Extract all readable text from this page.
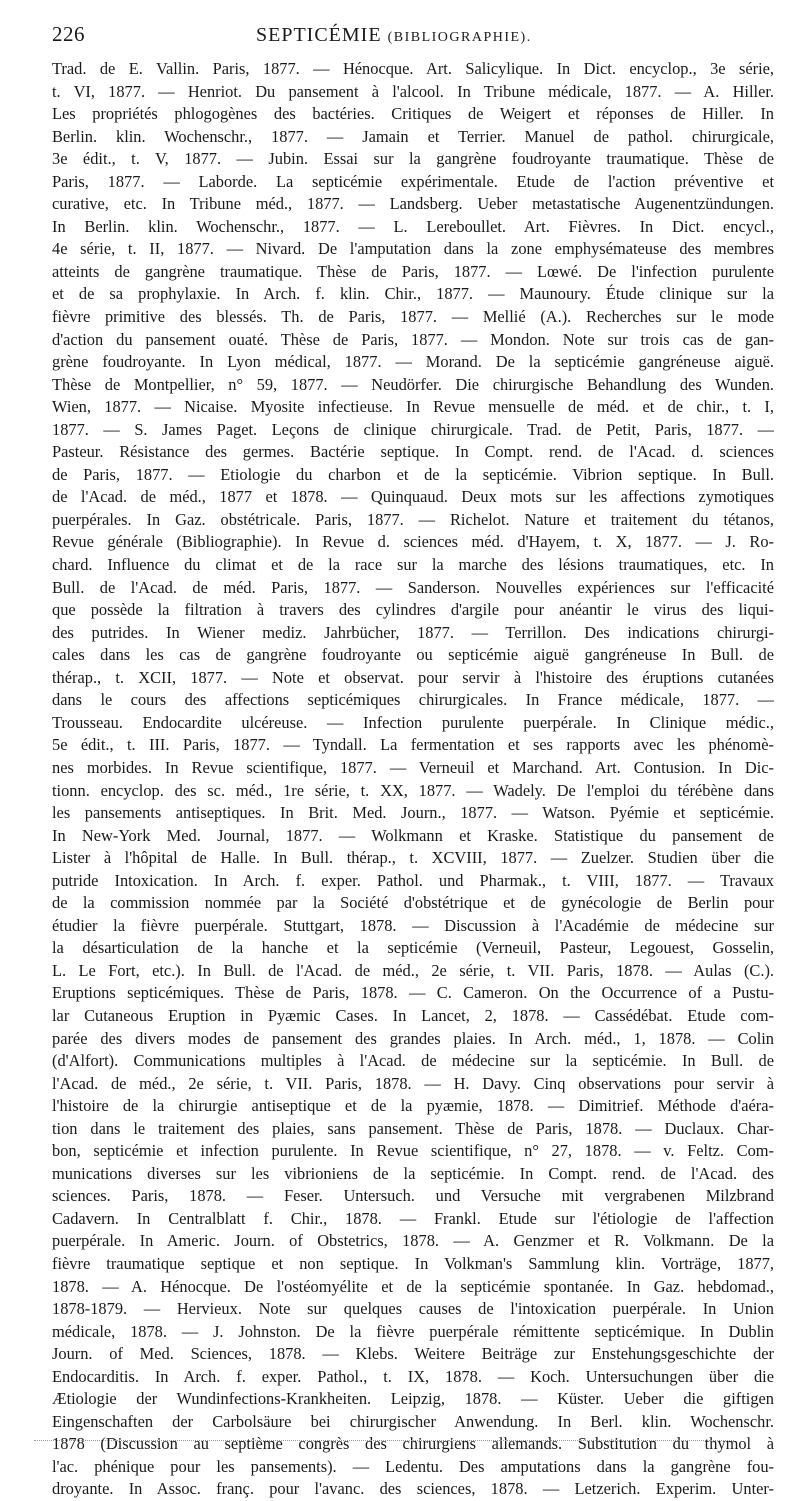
226	SEPTICÉMIE (BIBLIOGRAPHIE).
Trad. de E. Vallin. Paris, 1877. — Hénocque. Art. Salicylique. In Dict. encyclop., 3e série,
t. VI, 1877. — Henriot. Du pansement à l'alcool. In Tribune médicale, 1877. — A. Hiller.
Les propriétés phlogogènes des bactéries. Critiques de Weigert et réponses de Hiller. In
Berlin. klin. Wochenschr., 1877. — Jamain et Terrier. Manuel de pathol. chirurgicale,
3e édit., t. V, 1877. — Jubin. Essai sur la gangrène foudroyante traumatique. Thèse de
Paris, 1877. — Laborde. La septicémie expérimentale. Etude de l'action préventive et
curative, etc. In Tribune méd., 1877. — Landsberg. Ueber metastatische Augenentzündungen.
In Berlin. klin. Wochenschr., 1877. — L. Lereboullet. Art. Fièvres. In Dict. encycl.,
4e série, t. II, 1877. — Nivard. De l'amputation dans la zone emphysémateuse des membres
atteints de gangrène traumatique. Thèse de Paris, 1877. — Lœwé. De l'infection purulente
et de sa prophylaxie. In Arch. f. klin. Chir., 1877. — Maunoury. Étude clinique sur la
fièvre primitive des blessés. Th. de Paris, 1877. — Mellié (A.). Recherches sur le mode
d'action du pansement ouaté. Thèse de Paris, 1877. — Mondon. Note sur trois cas de gan-
grène foudroyante. In Lyon médical, 1877. — Morand. De la septicémie gangréneuse aiguë.
Thèse de Montpellier, n° 59, 1877. — Neudörfer. Die chirurgische Behandlung des Wunden.
Wien, 1877. — Nicaise. Myosite infectieuse. In Revue mensuelle de méd. et de chir., t. I,
1877. — S. James Paget. Leçons de clinique chirurgicale. Trad. de Petit, Paris, 1877. —
Pasteur. Résistance des germes. Bactérie septique. In Compt. rend. de l'Acad. d. sciences
de Paris, 1877. — Etiologie du charbon et de la septicémie. Vibrion septique. In Bull.
de l'Acad. de méd., 1877 et 1878. — Quinquaud. Deux mots sur les affections zymotiques
puerpérales. In Gaz. obstétricale. Paris, 1877. — Richelot. Nature et traitement du tétanos,
Revue générale (Bibliographie). In Revue d. sciences méd. d'Hayem, t. X, 1877. — J. Ro-
chard. Influence du climat et de la race sur la marche des lésions traumatiques, etc. In
Bull. de l'Acad. de méd. Paris, 1877. — Sanderson. Nouvelles expériences sur l'efficacité
que possède la filtration à travers des cylindres d'argile pour anéantir le virus des liqui-
des putrides. In Wiener mediz. Jahrbücher, 1877. — Terrillon. Des indications chirurgi-
cales dans les cas de gangrène foudroyante ou septicémie aiguë gangréneuse In Bull. de
thérap., t. XCII, 1877. — Note et observat. pour servir à l'histoire des éruptions cutanées
dans le cours des affections septicémiques chirurgicales. In France médicale, 1877. —
Trousseau. Endocardite ulcéreuse. — Infection purulente puerpérale. In Clinique médic.,
5e édit., t. III. Paris, 1877. — Tyndall. La fermentation et ses rapports avec les phénomè-
nes morbides. In Revue scientifique, 1877. — Verneuil et Marchand. Art. Contusion. In Dic-
tionn. encyclop. des sc. méd., 1re série, t. XX, 1877. — Wadely. De l'emploi du térébène dans
les pansements antiseptiques. In Brit. Med. Journ., 1877. — Watson. Pyémie et septicémie.
In New-York Med. Journal, 1877. — Wolkmann et Kraske. Statistique du pansement de
Lister à l'hôpital de Halle. In Bull. thérap., t. XCVIII, 1877. — Zuelzer. Studien über die
putride Intoxication. In Arch. f. exper. Pathol. und Pharmak., t. VIII, 1877. — Travaux
de la commission nommée par la Société d'obstétrique et de gynécologie de Berlin pour
étudier la fièvre puerpérale. Stuttgart, 1878. — Discussion à l'Académie de médecine sur
la désarticulation de la hanche et la septicémie (Verneuil, Pasteur, Legouest, Gosselin,
L. Le Fort, etc.). In Bull. de l'Acad. de méd., 2e série, t. VII. Paris, 1878. — Aulas (C.).
Eruptions septicémiques. Thèse de Paris, 1878. — C. Cameron. On the Occurrence of a Pustu-
lar Cutaneous Eruption in Pyæmic Cases. In Lancet, 2, 1878. — Cassédébat. Etude com-
parée des divers modes de pansement des grandes plaies. In Arch. méd., 1, 1878. — Colin
(d'Alfort). Communications multiples à l'Acad. de médecine sur la septicémie. In Bull. de
l'Acad. de méd., 2e série, t. VII. Paris, 1878. — H. Davy. Cinq observations pour servir à
l'histoire de la chirurgie antiseptique et de la pyæmie, 1878. — Dimitrief. Méthode d'aéra-
tion dans le traitement des plaies, sans pansement. Thèse de Paris, 1878. — Duclaux. Char-
bon, septicémie et infection purulente. In Revue scientifique, n° 27, 1878. — v. Feltz. Com-
munications diverses sur les vibrioniens de la septicémie. In Compt. rend. de l'Acad. des
sciences. Paris, 1878. — Feser. Untersuch. und Versuche mit vergrabenen Milzbrand
Cadavern. In Centralblatt f. Chir., 1878. — Frankl. Etude sur l'étiologie de l'affection
puerpérale. In Americ. Journ. of Obstetrics, 1878. — A. Genzmer et R. Volkmann. De la
fièvre traumatique septique et non septique. In Volkman's Sammlung klin. Vorträge, 1877,
1878. — A. Hénocque. De l'ostéomyélite et de la septicémie spontanée. In Gaz. hebdomad.,
1878-1879. — Hervieux. Note sur quelques causes de l'intoxication puerpérale. In Union
médicale, 1878. — J. Johnston. De la fièvre puerpérale rémittente septicémique. In Dublin
Journ. of Med. Sciences, 1878. — Klebs. Weitere Beiträge zur Enstehungsgeschichte der
Endocarditis. In Arch. f. exper. Pathol., t. IX, 1878. — Koch. Untersuchungen über die
Ætiologie der Wundinfections-Krankheiten. Leipzig, 1878. — Küster. Ueber die giftigen
Eingenschaften der Carbolsäure bei chirurgischer Anwendung. In Berl. klin. Wochenschr.
1878 (Discussion au septième congrès des chirurgiens allemands. Substitution du thymol à
l'ac. phénique pour les pansements). — Ledentu. Des amputations dans la gangrène fou-
droyante. In Assoc. franç. pour l'avanc. des sciences, 1878. — Letzerich. Experim. Unter-
